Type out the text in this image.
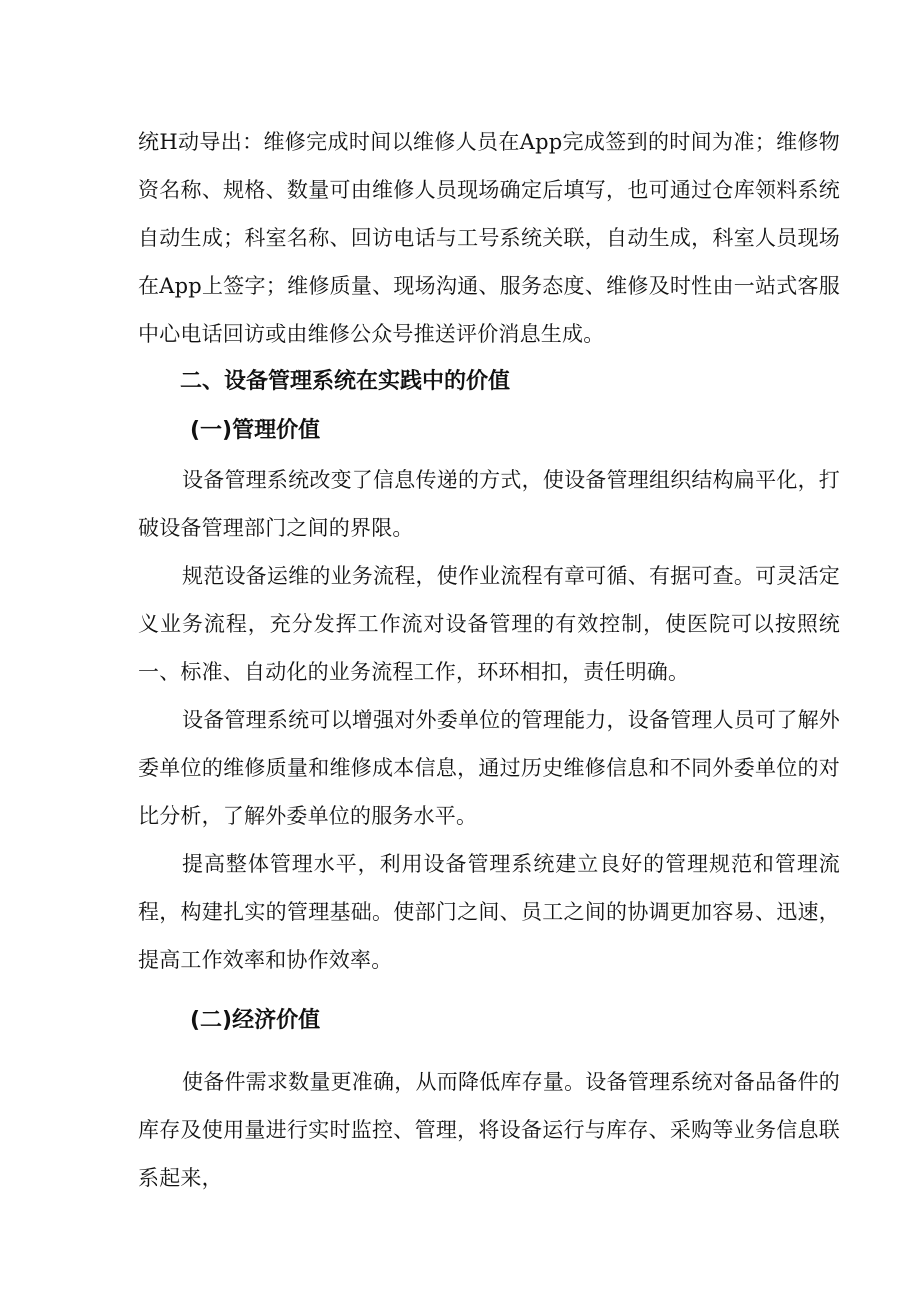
统H动导出：维修完成时间以维修人员在App完成签到的时间为准；维修物资名称、规格、数量可由维修人员现场确定后填写，也可通过仓库领料系统自动生成；科室名称、回访电话与工号系统关联，自动生成，科室人员现场在App上签字；维修质量、现场沟通、服务态度、维修及时性由一站式客服中心电话回访或由维修公众号推送评价消息生成。

二、设备管理系统在实践中的价值
(一)管理价值

设备管理系统改变了信息传递的方式，使设备管理组织结构扁平化，打破设备管理部门之间的界限。

规范设备运维的业务流程，使作业流程有章可循、有据可查。可灵活定义业务流程，充分发挥工作流对设备管理的有效控制，使医院可以按照统一、标准、自动化的业务流程工作，环环相扣，责任明确。

设备管理系统可以增强对外委单位的管理能力，设备管理人员可了解外委单位的维修质量和维修成本信息，通过历史维修信息和不同外委单位的对比分析，了解外委单位的服务水平。

提高整体管理水平，利用设备管理系统建立良好的管理规范和管理流程，构建扎实的管理基础。使部门之间、员工之间的协调更加容易、迅速，提高工作效率和协作效率。

(二)经济价值

使备件需求数量更准确，从而降低库存量。设备管理系统对备品备件的库存及使用量进行实时监控、管理，将设备运行与库存、采购等业务信息联系起来，
